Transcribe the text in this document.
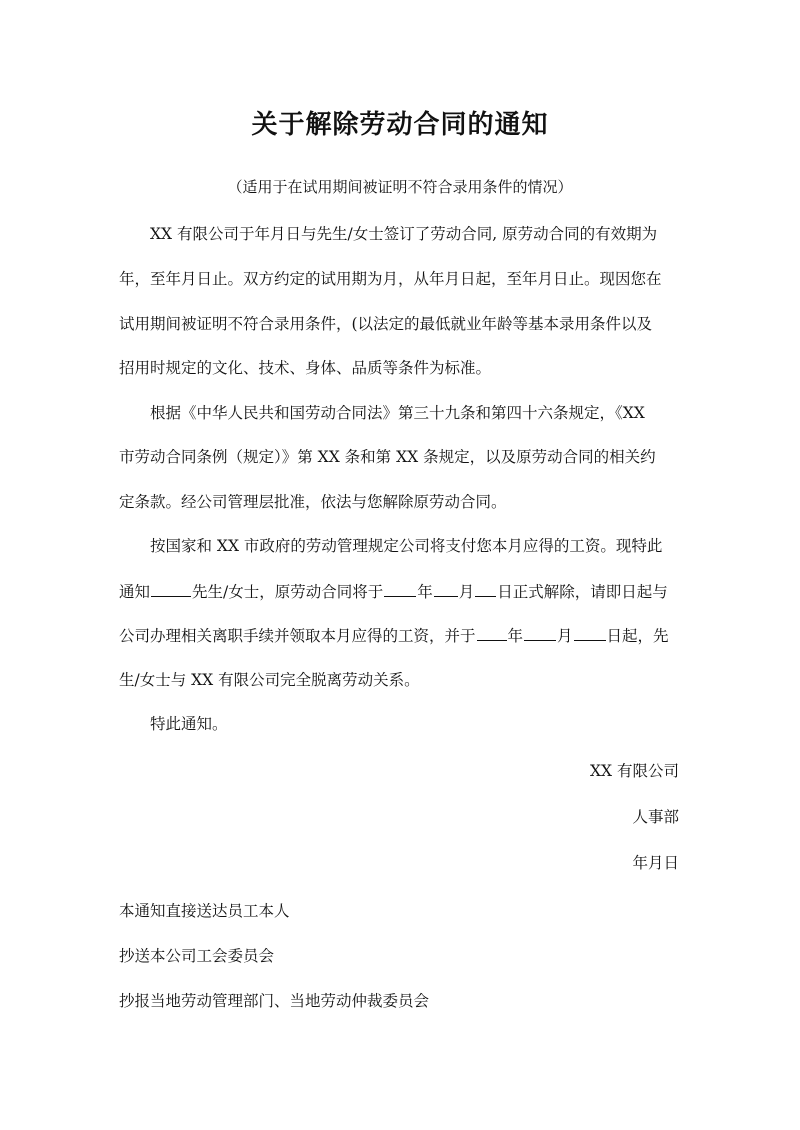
关于解除劳动合同的通知
（适用于在试用期间被证明不符合录用条件的情况）
XX 有限公司于年月日与先生/女士签订了劳动合同, 原劳动合同的有效期为
年，至年月日止。双方约定的试用期为月，从年月日起，至年月日止。现因您在
试用期间被证明不符合录用条件，(以法定的最低就业年龄等基本录用条件以及
招用时规定的文化、技术、身体、品质等条件为标准。
根据《中华人民共和国劳动合同法》第三十九条和第四十六条规定，《XX
市劳动合同条例（规定）》第 XX 条和第 XX 条规定，以及原劳动合同的相关约
定条款。经公司管理层批准，依法与您解除原劳动合同。
按国家和 XX 市政府的劳动管理规定公司将支付您本月应得的工资。现特此
通知	先生/女士，原劳动合同将于 年 月 日正式解除，请即日起与
公司办理相关离职手续并领取本月应得的工资，并于 年 月 日起，先
生/女士与 XX 有限公司完全脱离劳动关系。
特此通知。
XX 有限公司
人事部
年月日
本通知直接送达员工本人
抄送本公司工会委员会
抄报当地劳动管理部门、当地劳动仲裁委员会
